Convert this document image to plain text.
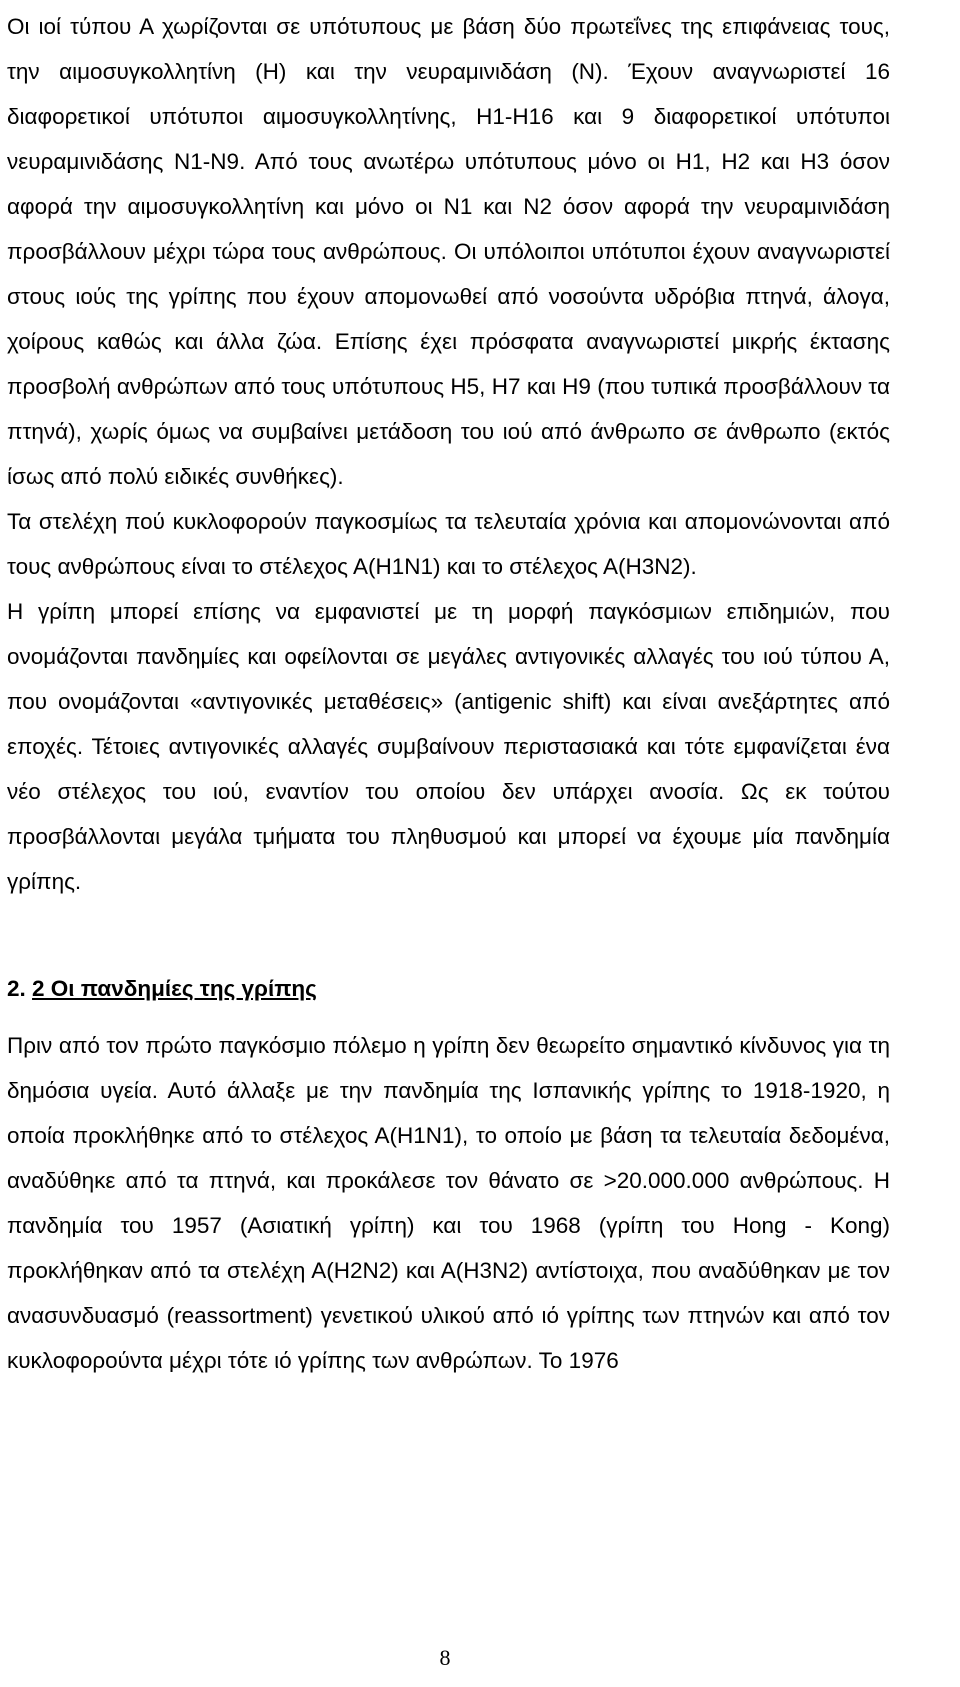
Οι ιοί τύπου Α χωρίζονται σε υπότυπους με βάση δύο πρωτεΐνες της επιφάνειας τους, την αιμοσυγκολλητίνη (H) και την νευραμινιδάση (N). Έχουν αναγνωριστεί 16 διαφορετικοί υπότυποι αιμοσυγκολλητίνης, Η1-Η16 και 9 διαφορετικοί υπότυποι νευραμινιδάσης Ν1-Ν9. Από τους ανωτέρω υπότυπους μόνο οι Η1, Η2 και Η3 όσον αφορά την αιμοσυγκολλητίνη και μόνο οι Ν1 και Ν2 όσον αφορά την νευραμινιδάση προσβάλλουν μέχρι τώρα τους ανθρώπους. Οι υπόλοιποι υπότυποι έχουν αναγνωριστεί στους ιούς της γρίπης που έχουν απομονωθεί από νοσούντα υδρόβια πτηνά, άλογα, χοίρους καθώς και άλλα ζώα. Επίσης έχει πρόσφατα αναγνωριστεί μικρής έκτασης προσβολή ανθρώπων από τους υπότυπους Η5, Η7 και Η9 (που τυπικά προσβάλλουν τα πτηνά), χωρίς όμως να συμβαίνει μετάδοση του ιού από άνθρωπο σε άνθρωπο (εκτός ίσως από πολύ ειδικές συνθήκες).

Τα στελέχη πού κυκλοφορούν παγκοσμίως τα τελευταία χρόνια και απομονώνονται από τους ανθρώπους είναι το στέλεχος Α(Η1Ν1) και το στέλεχος Α(Η3Ν2).

Η γρίπη μπορεί επίσης να εμφανιστεί με τη μορφή παγκόσμιων επιδημιών, που ονομάζονται πανδημίες και οφείλονται σε μεγάλες αντιγονικές αλλαγές του ιού τύπου Α, που ονομάζονται «αντιγονικές μεταθέσεις» (antigenic shift) και είναι ανεξάρτητες από εποχές. Τέτοιες αντιγονικές αλλαγές συμβαίνουν περιστασιακά και τότε εμφανίζεται ένα νέο στέλεχος του ιού, εναντίον του οποίου δεν υπάρχει ανοσία. Ως εκ τούτου προσβάλλονται μεγάλα τμήματα του πληθυσμού και μπορεί να έχουμε μία πανδημία γρίπης.

2. 2 Οι πανδημίες της γρίπης

Πριν από τον πρώτο παγκόσμιο πόλεμο η γρίπη δεν θεωρείτο σημαντικό κίνδυνος για τη δημόσια υγεία. Αυτό άλλαξε με την πανδημία της Ισπανικής γρίπης το 1918-1920, η οποία προκλήθηκε από το στέλεχος Α(Η1Ν1), το οποίο με βάση τα τελευταία δεδομένα, αναδύθηκε από τα πτηνά, και προκάλεσε τον θάνατο σε >20.000.000 ανθρώπους. Η πανδημία του 1957 (Ασιατική γρίπη) και του 1968 (γρίπη του Hong - Kong) προκλήθηκαν από τα στελέχη Α(Η2Ν2) και Α(Η3Ν2) αντίστοιχα, που αναδύθηκαν με τον ανασυνδυασμό (reassortment) γενετικού υλικού από ιό γρίπης των πτηνών και από τον κυκλοφορούντα μέχρι τότε ιό γρίπης των ανθρώπων. Το 1976

8
